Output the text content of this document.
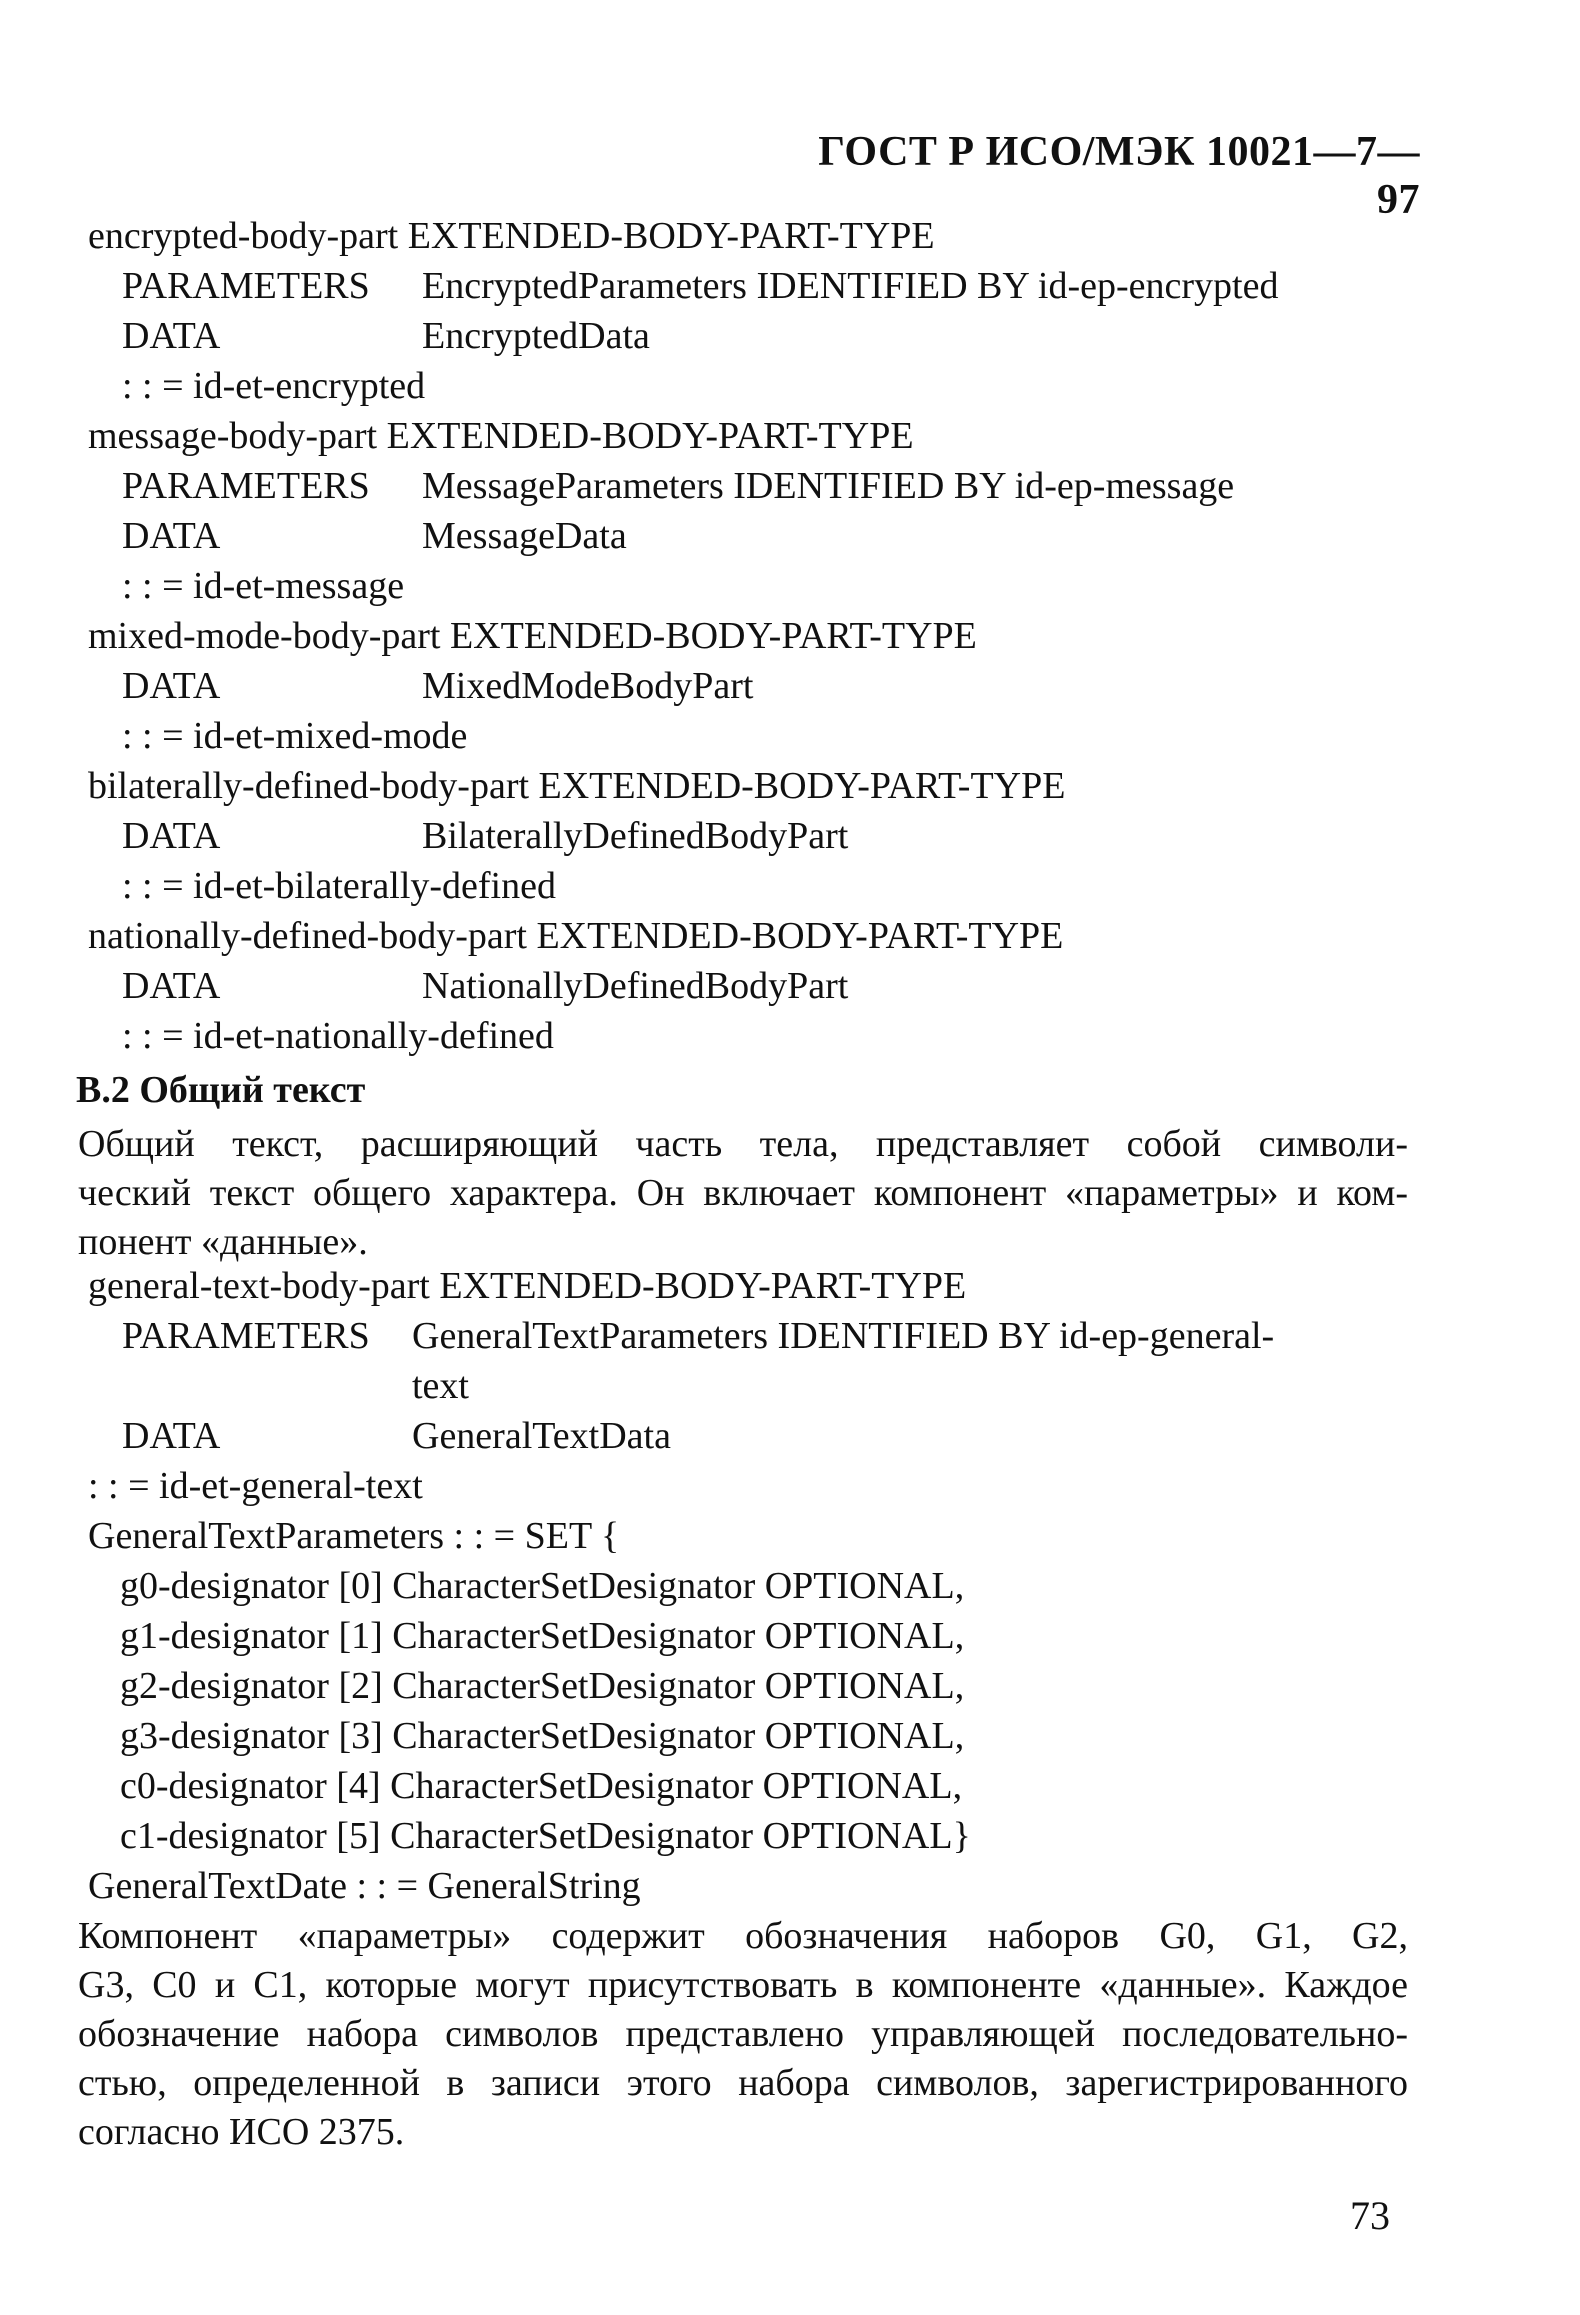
ГОСТ Р ИСО/МЭК 10021—7—97
encrypted-body-part EXTENDED-BODY-PART-TYPE
PARAMETERS EncryptedParameters IDENTIFIED BY id-ep-encrypted
DATA	EncryptedData
: : = id-et-encrypted
message-body-part EXTENDED-BODY-PART-TYPE
PARAMETERS MessageParameters IDENTIFIED BY id-ep-message
DATA	MessageData
: : = id-et-message
mixed-mode-body-part EXTENDED-BODY-PART-TYPE
DATA	MixedModeBodyPart
: : = id-et-mixed-mode
bilaterally-defined-body-part EXTENDED-BODY-PART-TYPE
DATA	BilaterallyDefinedBodyPart
: : = id-et-bilaterally-defined
nationally-defined-body-part EXTENDED-BODY-PART-TYPE
DATA	NationallyDefinedBodyPart
: : = id-et-nationally-defined
В.2 Общий текст
Общий текст, расширяющий часть тела, представляет собой символи-
ческий текст общего характера. Он включает компонент «параметры» и ком-
понент «данные».
general-text-body-part EXTENDED-BODY-PART-TYPE
PARAMETERS GeneralTextParameters IDENTIFIED BY id-ep-general-
text
DATA	GeneralTextData
: : = id-et-general-text
GeneralTextParameters : : = SET {
g0-designator [0] CharacterSetDesignator OPTIONAL,
g1-designator [1] CharacterSetDesignator OPTIONAL,
g2-designator [2] CharacterSetDesignator OPTIONAL,
g3-designator [3] CharacterSetDesignator OPTIONAL,
c0-designator [4] CharacterSetDesignator OPTIONAL,
c1-designator [5] CharacterSetDesignator OPTIONAL}
GeneralTextDate : : = GeneralString
Компонент «параметры» содержит обозначения наборов G0, G1, G2,
G3, C0 и C1, которые могут присутствовать в компоненте «данные». Каждое
обозначение набора символов представлено управляющей последовательно-
стью, определенной в записи этого набора символов, зарегистрированного
согласно ИСО 2375.
73
